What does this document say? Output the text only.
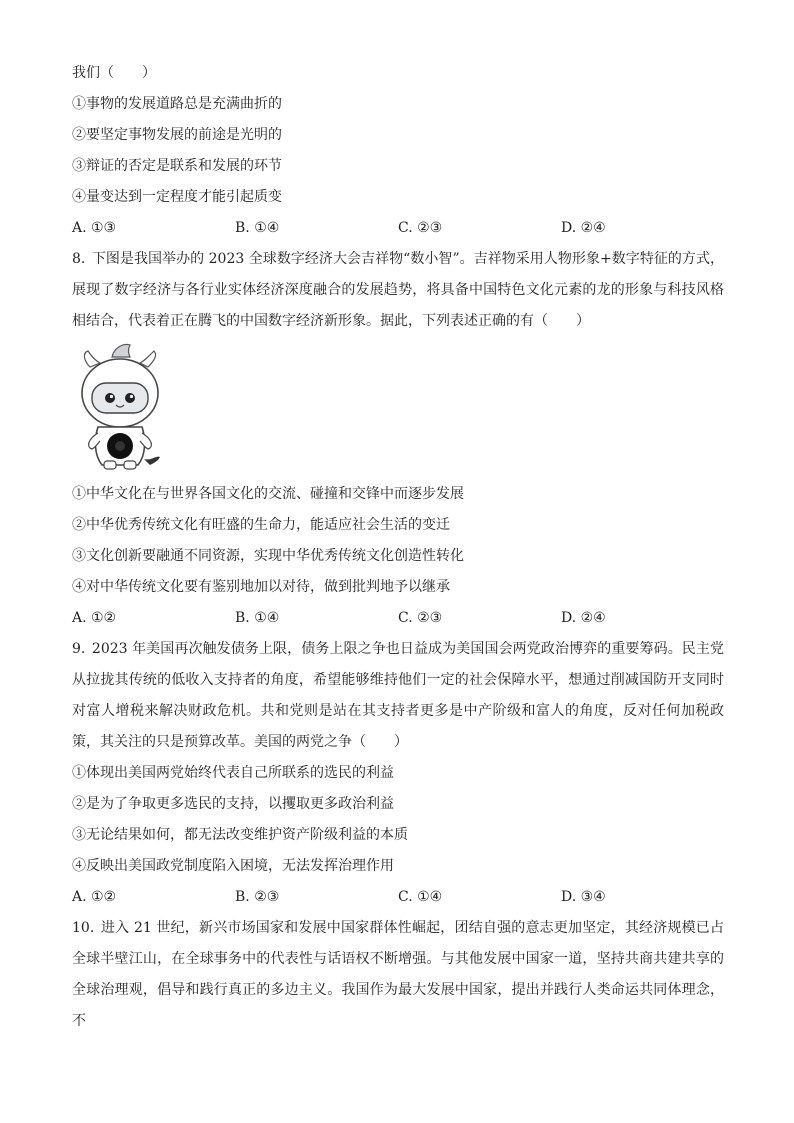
我们（　　）
①事物的发展道路总是充满曲折的
②要坚定事物发展的前途是光明的
③辩证的否定是联系和发展的环节
④量变达到一定程度才能引起质变
A. ①③	B. ①④	C. ②③	D. ②④
8. 下图是我国举办的 2023 全球数字经济大会吉祥物“数小智”。吉祥物采用人物形象+数字特征的方式，展现了数字经济与各行业实体经济深度融合的发展趋势，将具备中国特色文化元素的龙的形象与科技风格相结合，代表着正在腾飞的中国数字经济新形象。据此，下列表述正确的有（　　）
①中华文化在与世界各国文化的交流、碰撞和交锋中而逐步发展
②中华优秀传统文化有旺盛的生命力，能适应社会生活的变迁
③文化创新要融通不同资源，实现中华优秀传统文化创造性转化
④对中华传统文化要有鉴别地加以对待，做到批判地予以继承
A. ①②	B. ①④	C. ②③	D. ②④
9. 2023 年美国再次触发债务上限，债务上限之争也日益成为美国国会两党政治博弈的重要筹码。民主党从拉拢其传统的低收入支持者的角度，希望能够维持他们一定的社会保障水平，想通过削减国防开支同时对富人增税来解决财政危机。共和党则是站在其支持者更多是中产阶级和富人的角度，反对任何加税政策，其关注的只是预算改革。美国的两党之争（　　）
①体现出美国两党始终代表自己所联系的选民的利益
②是为了争取更多选民的支持，以攫取更多政治利益
③无论结果如何，都无法改变维护资产阶级利益的本质
④反映出美国政党制度陷入困境，无法发挥治理作用
A. ①②	B. ②③	C. ①④	D. ③④
10. 进入 21 世纪，新兴市场国家和发展中国家群体性崛起，团结自强的意志更加坚定，其经济规模已占全球半壁江山，在全球事务中的代表性与话语权不断增强。与其他发展中国家一道，坚持共商共建共享的全球治理观，倡导和践行真正的多边主义。我国作为最大发展中国家，提出并践行人类命运共同体理念，不
